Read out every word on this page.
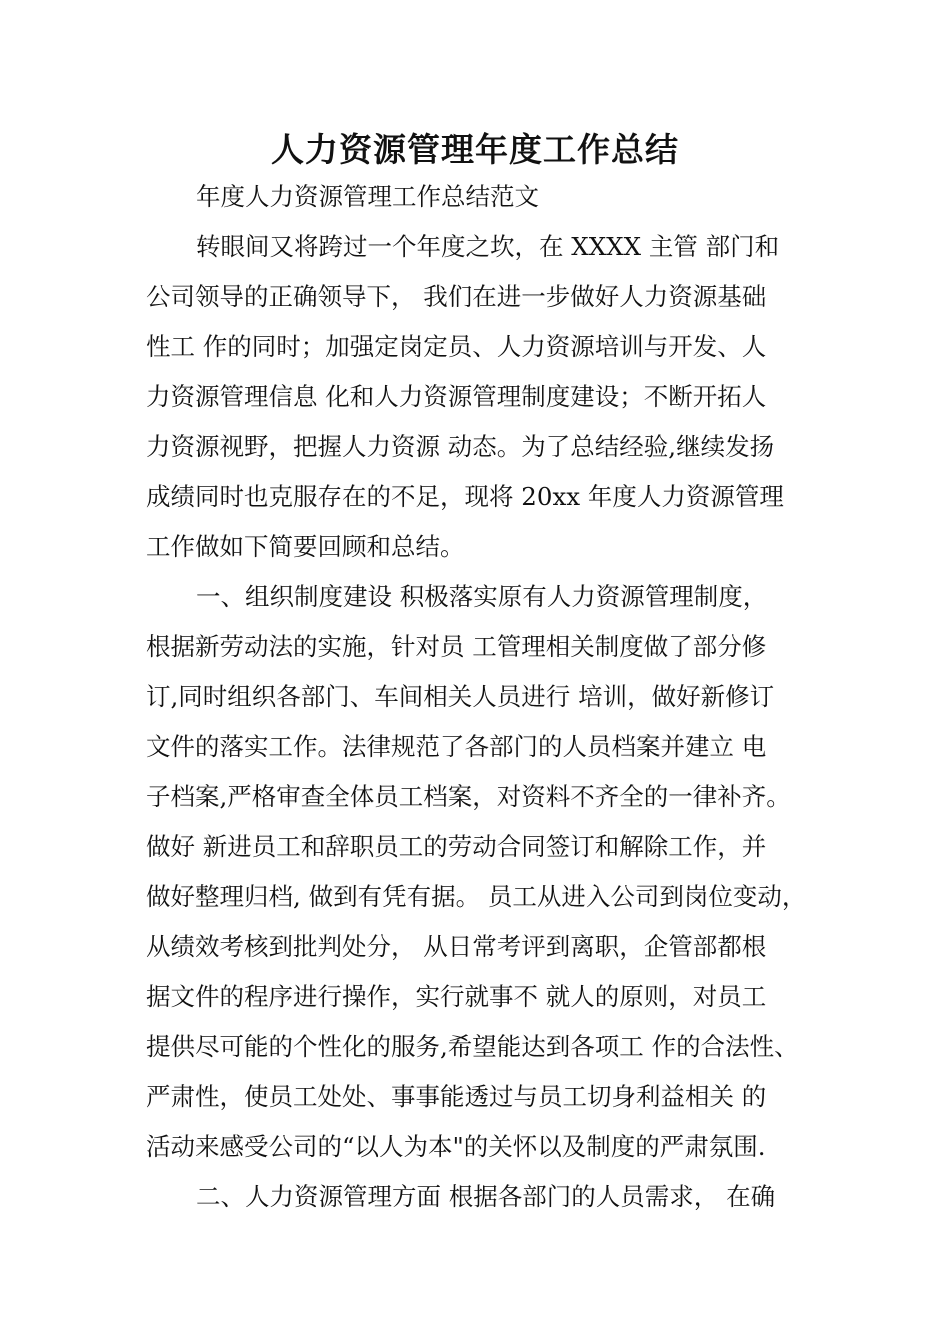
人力资源管理年度工作总结

年度人力资源管理工作总结范文

转眼间又将跨过一个年度之坎，在 XXXX 主管 部门和

公司领导的正确领导下， 我们在进一步做好人力资源基础

性工 作的同时；加强定岗定员、人力资源培训与开发、人

力资源管理信息 化和人力资源管理制度建设；不断开拓人

力资源视野，把握人力资源 动态。为了总结经验,继续发扬

成绩同时也克服存在的不足，现将 20xx 年度人力资源管理

工作做如下简要回顾和总结。

一、组织制度建设 积极落实原有人力资源管理制度，

根据新劳动法的实施，针对员 工管理相关制度做了部分修

订,同时组织各部门、车间相关人员进行 培训，做好新修订

文件的落实工作。法律规范了各部门的人员档案并建立 电

子档案,严格审查全体员工档案，对资料不齐全的一律补齐。

做好 新进员工和辞职员工的劳动合同签订和解除工作，并

做好整理归档, 做到有凭有据。 员工从进入公司到岗位变动，

从绩效考核到批判处分， 从日常考评到离职，企管部都根

据文件的程序进行操作，实行就事不 就人的原则，对员工

提供尽可能的个性化的服务,希望能达到各项工 作的合法性、

严肃性，使员工处处、事事能透过与员工切身利益相关 的

活动来感受公司的“以人为本"的关怀以及制度的严肃氛围.

二、人力资源管理方面 根据各部门的人员需求， 在确
